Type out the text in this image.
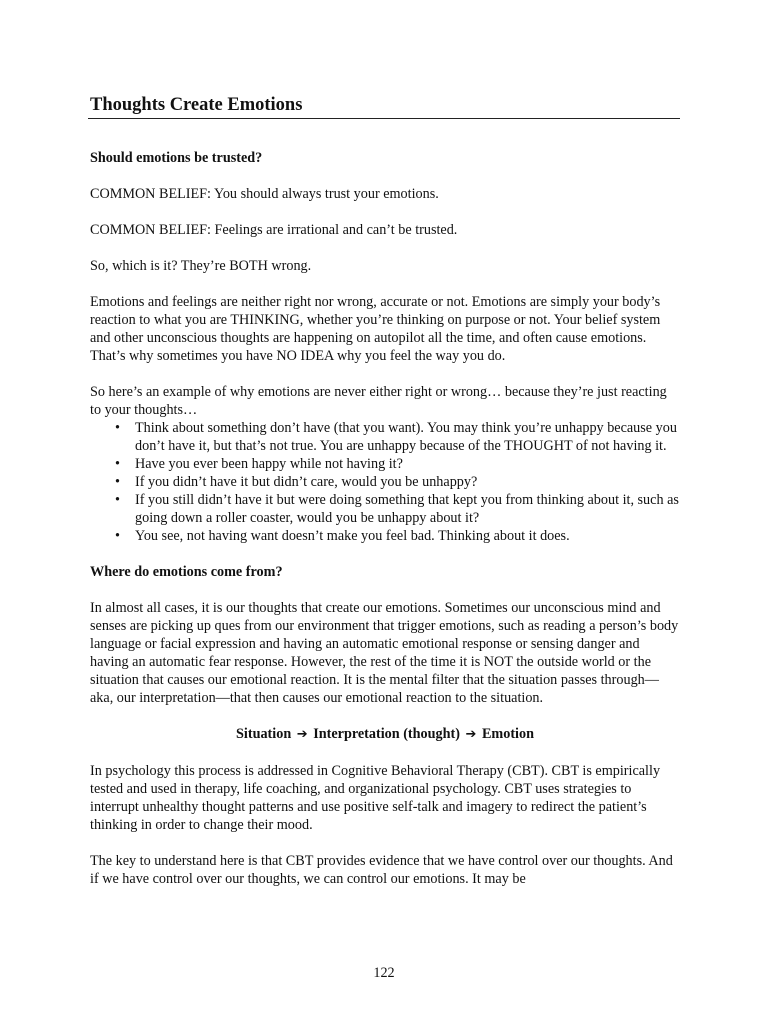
Thoughts Create Emotions

Should emotions be trusted?

COMMON BELIEF: You should always trust your emotions.

COMMON BELIEF: Feelings are irrational and can’t be trusted.

So, which is it? They’re BOTH wrong.

Emotions and feelings are neither right nor wrong, accurate or not. Emotions are simply your body’s reaction to what you are THINKING, whether you’re thinking on purpose or not. Your belief system and other unconscious thoughts are happening on autopilot all the time, and often cause emotions. That’s why sometimes you have NO IDEA why you feel the way you do.

So here’s an example of why emotions are never either right or wrong… because they’re just reacting to your thoughts…

• Think about something don’t have (that you want). You may think you’re unhappy because you don’t have it, but that’s not true. You are unhappy because of the THOUGHT of not having it.
• Have you ever been happy while not having it?
• If you didn’t have it but didn’t care, would you be unhappy?
• If you still didn’t have it but were doing something that kept you from thinking about it, such as going down a roller coaster, would you be unhappy about it?
• You see, not having want doesn’t make you feel bad. Thinking about it does.

Where do emotions come from?

In almost all cases, it is our thoughts that create our emotions. Sometimes our unconscious mind and senses are picking up ques from our environment that trigger emotions, such as reading a person’s body language or facial expression and having an automatic emotional response or sensing danger and having an automatic fear response. However, the rest of the time it is NOT the outside world or the situation that causes our emotional reaction. It is the mental filter that the situation passes through—aka, our interpretation—that then causes our emotional reaction to the situation.

Situation ➔ Interpretation (thought) ➔ Emotion

In psychology this process is addressed in Cognitive Behavioral Therapy (CBT). CBT is empirically tested and used in therapy, life coaching, and organizational psychology. CBT uses strategies to interrupt unhealthy thought patterns and use positive self-talk and imagery to redirect the patient’s thinking in order to change their mood.

The key to understand here is that CBT provides evidence that we have control over our thoughts. And if we have control over our thoughts, we can control our emotions. It may be

122
